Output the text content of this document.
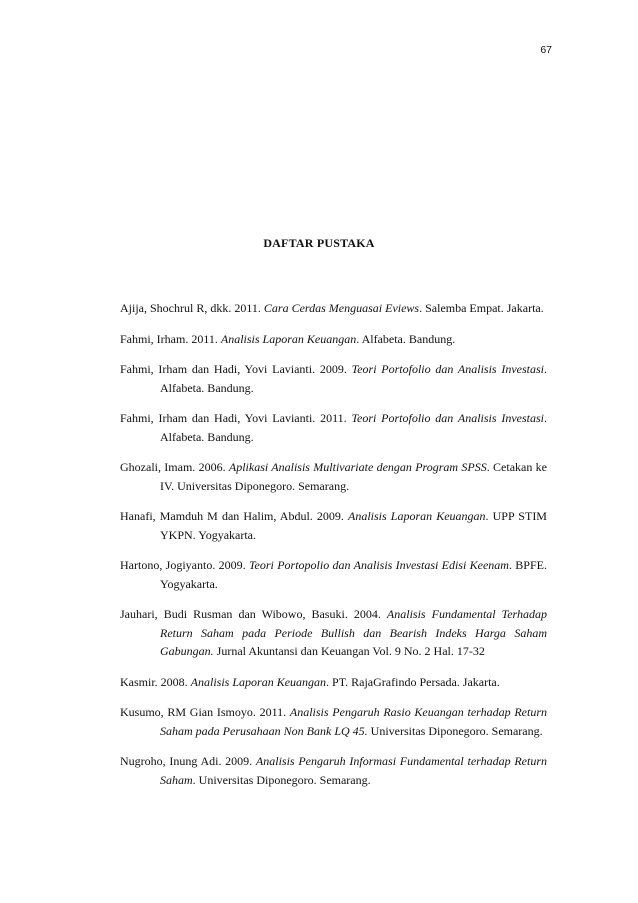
67
DAFTAR PUSTAKA

Ajija, Shochrul R, dkk. 2011. Cara Cerdas Menguasai Eviews. Salemba Empat. Jakarta.

Fahmi, Irham. 2011. Analisis Laporan Keuangan. Alfabeta. Bandung.

Fahmi, Irham dan Hadi, Yovi Lavianti. 2009. Teori Portofolio dan Analisis Investasi. Alfabeta. Bandung.

Fahmi, Irham dan Hadi, Yovi Lavianti. 2011. Teori Portofolio dan Analisis Investasi. Alfabeta. Bandung.

Ghozali, Imam. 2006. Aplikasi Analisis Multivariate dengan Program SPSS. Cetakan ke IV. Universitas Diponegoro. Semarang.

Hanafi, Mamduh M dan Halim, Abdul. 2009. Analisis Laporan Keuangan. UPP STIM YKPN. Yogyakarta.

Hartono, Jogiyanto. 2009. Teori Portopolio dan Analisis Investasi Edisi Keenam. BPFE. Yogyakarta.

Jauhari, Budi Rusman dan Wibowo, Basuki. 2004. Analisis Fundamental Terhadap Return Saham pada Periode Bullish dan Bearish Indeks Harga Saham Gabungan. Jurnal Akuntansi dan Keuangan Vol. 9 No. 2 Hal. 17-32

Kasmir. 2008. Analisis Laporan Keuangan. PT. RajaGrafindo Persada. Jakarta.

Kusumo, RM Gian Ismoyo. 2011. Analisis Pengaruh Rasio Keuangan terhadap Return Saham pada Perusahaan Non Bank LQ 45. Universitas Diponegoro. Semarang.

Nugroho, Inung Adi. 2009. Analisis Pengaruh Informasi Fundamental terhadap Return Saham. Universitas Diponegoro. Semarang.
